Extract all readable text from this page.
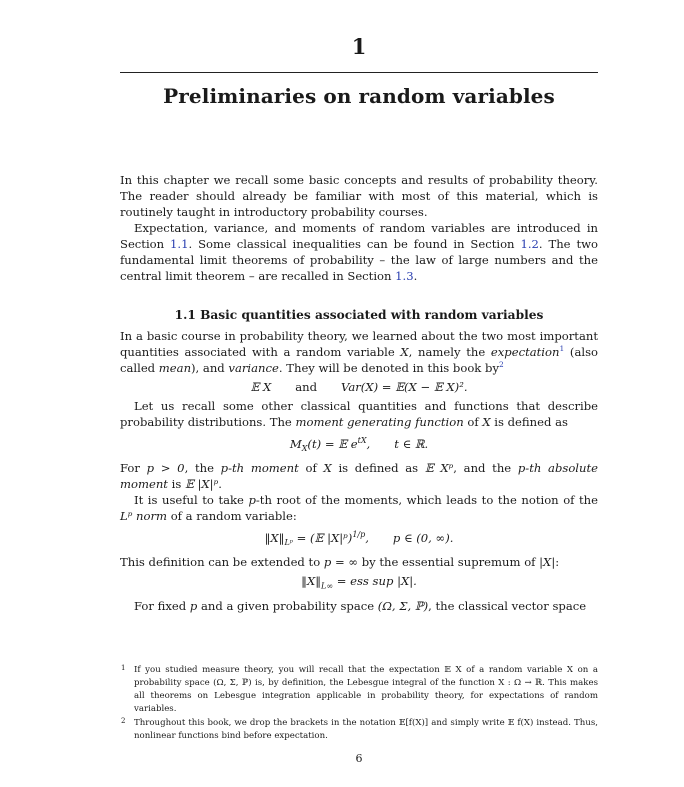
1
Preliminaries on random variables

In this chapter we recall some basic concepts and results of probability theory. The reader should already be familiar with most of this material, which is routinely taught in introductory probability courses.

Expectation, variance, and moments of random variables are introduced in Section 1.1. Some classical inequalities can be found in Section 1.2. The two fundamental limit theorems of probability – the law of large numbers and the central limit theorem – are recalled in Section 1.3.

1.1 Basic quantities associated with random variables

In a basic course in probability theory, we learned about the two most important quantities associated with a random variable X, namely the expectation$^1$ (also called mean), and variance. They will be denoted in this book by$^2$

𝔼 X and Var(X) = 𝔼(X − 𝔼 X)².

Let us recall some other classical quantities and functions that describe probability distributions. The moment generating function of X is defined as

$M_X(t)$ = 𝔼 $e^{tX}$, t ∈ ℝ.

For p > 0, the p-th moment of X is defined as 𝔼 Xᵖ, and the p-th absolute moment is 𝔼 |X|ᵖ.

It is useful to take p-th root of the moments, which leads to the notion of the Lᵖ norm of a random variable:

$‖X‖_{Lᵖ}$ = (𝔼 |X|ᵖ)$^{1/p}$, p ∈ (0, ∞).

This definition can be extended to p = ∞ by the essential supremum of |X|:

$‖X‖_{L\infty}$ = ess sup |X|.

For fixed p and a given probability space (Ω, Σ, ℙ), the classical vector space

1 If you studied measure theory, you will recall that the expectation 𝔼 X of a random variable X on a probability space (Ω, Σ, ℙ) is, by definition, the Lebesgue integral of the function X : Ω → ℝ. This makes all theorems on Lebesgue integration applicable in probability theory, for expectations of random variables.
2 Throughout this book, we drop the brackets in the notation 𝔼[f(X)] and simply write 𝔼 f(X) instead. Thus, nonlinear functions bind before expectation.
6
